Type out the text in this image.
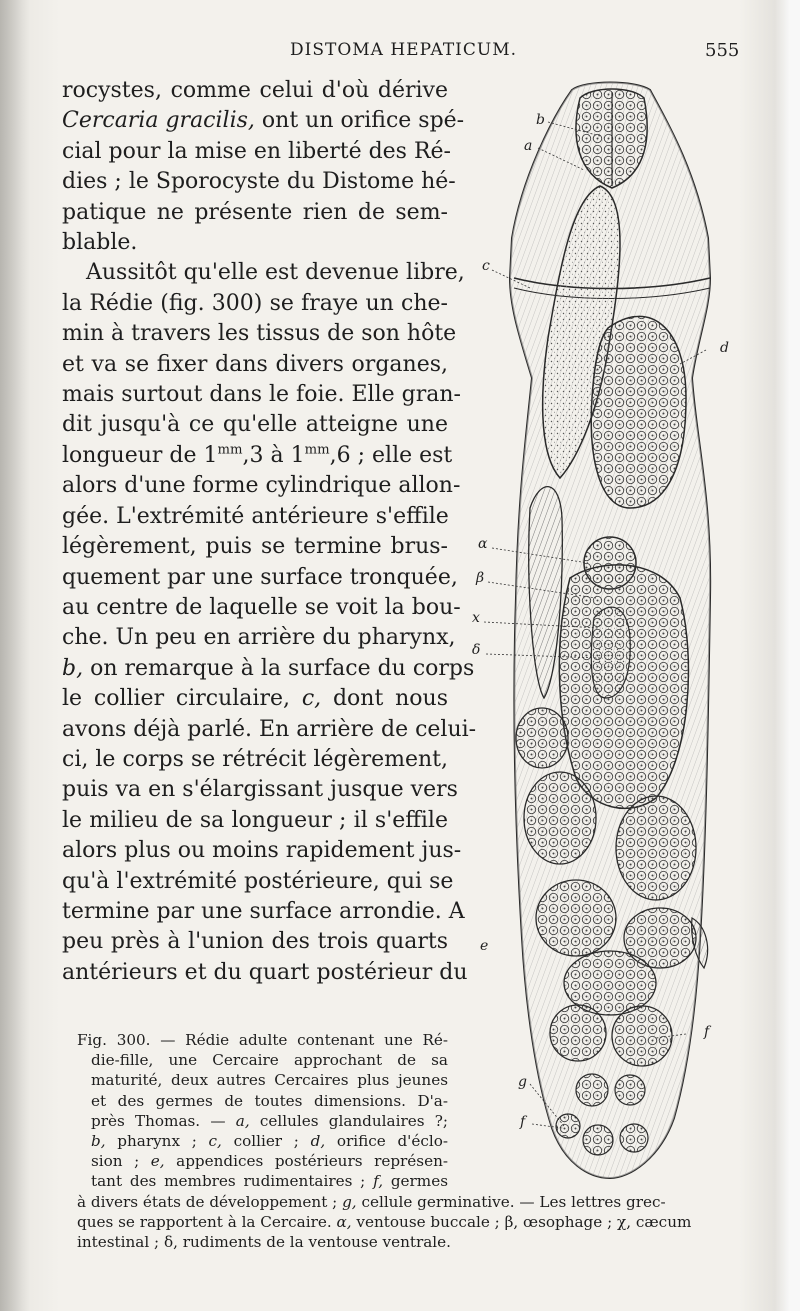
DISTOMA HEPATICUM.	555

rocystes, comme celui d'où dérive
Cercaria gracilis, ont un orifice spé-
cial pour la mise en liberté des Ré-
dies ; le Sporocyste du Distome hé-
patique ne présente rien de sem-
blable.

Aussitôt qu'elle est devenue libre,
la Rédie (fig. 300) se fraye un che-
min à travers les tissus de son hôte
et va se fixer dans divers organes,
mais surtout dans le foie. Elle gran-
dit jusqu'à ce qu'elle atteigne une
longueur de $1^{mm},3$ à $1^{mm},6$ ; elle est
alors d'une forme cylindrique allon-
gée. L'extrémité antérieure s'effile
légèrement, puis se termine brus-
quement par une surface tronquée,
au centre de laquelle se voit la bou-
che. Un peu en arrière du pharynx,
b, on remarque à la surface du corps
le collier circulaire, c, dont nous
avons déjà parlé. En arrière de celui-
ci, le corps se rétrécit légèrement,
puis va en s'élargissant jusque vers
le milieu de sa longueur ; il s'effile
alors plus ou moins rapidement jus-
qu'à l'extrémité postérieure, qui se
termine par une surface arrondie. A
peu près à l'union des trois quarts
antérieurs et du quart postérieur du

b
a
c
d
α
β
x
δ
e
f
g
f
Fig. 300. — Rédie adulte contenant une Ré-
die-fille, une Cercaire approchant de sa
maturité, deux autres Cercaires plus jeunes
et des germes de toutes dimensions. D'a-
près Thomas. — a, cellules glandulaires ?;
b, pharynx ; c, collier ; d, orifice d'éclo-
sion ; e, appendices postérieurs représen-
tant des membres rudimentaires ; f, germes
à divers états de développement ; g, cellule germinative. — Les lettres grec-
ques se rapportent à la Cercaire. α, ventouse buccale ; β, œsophage ; χ, cæcum
intestinal ; δ, rudiments de la ventouse ventrale.
